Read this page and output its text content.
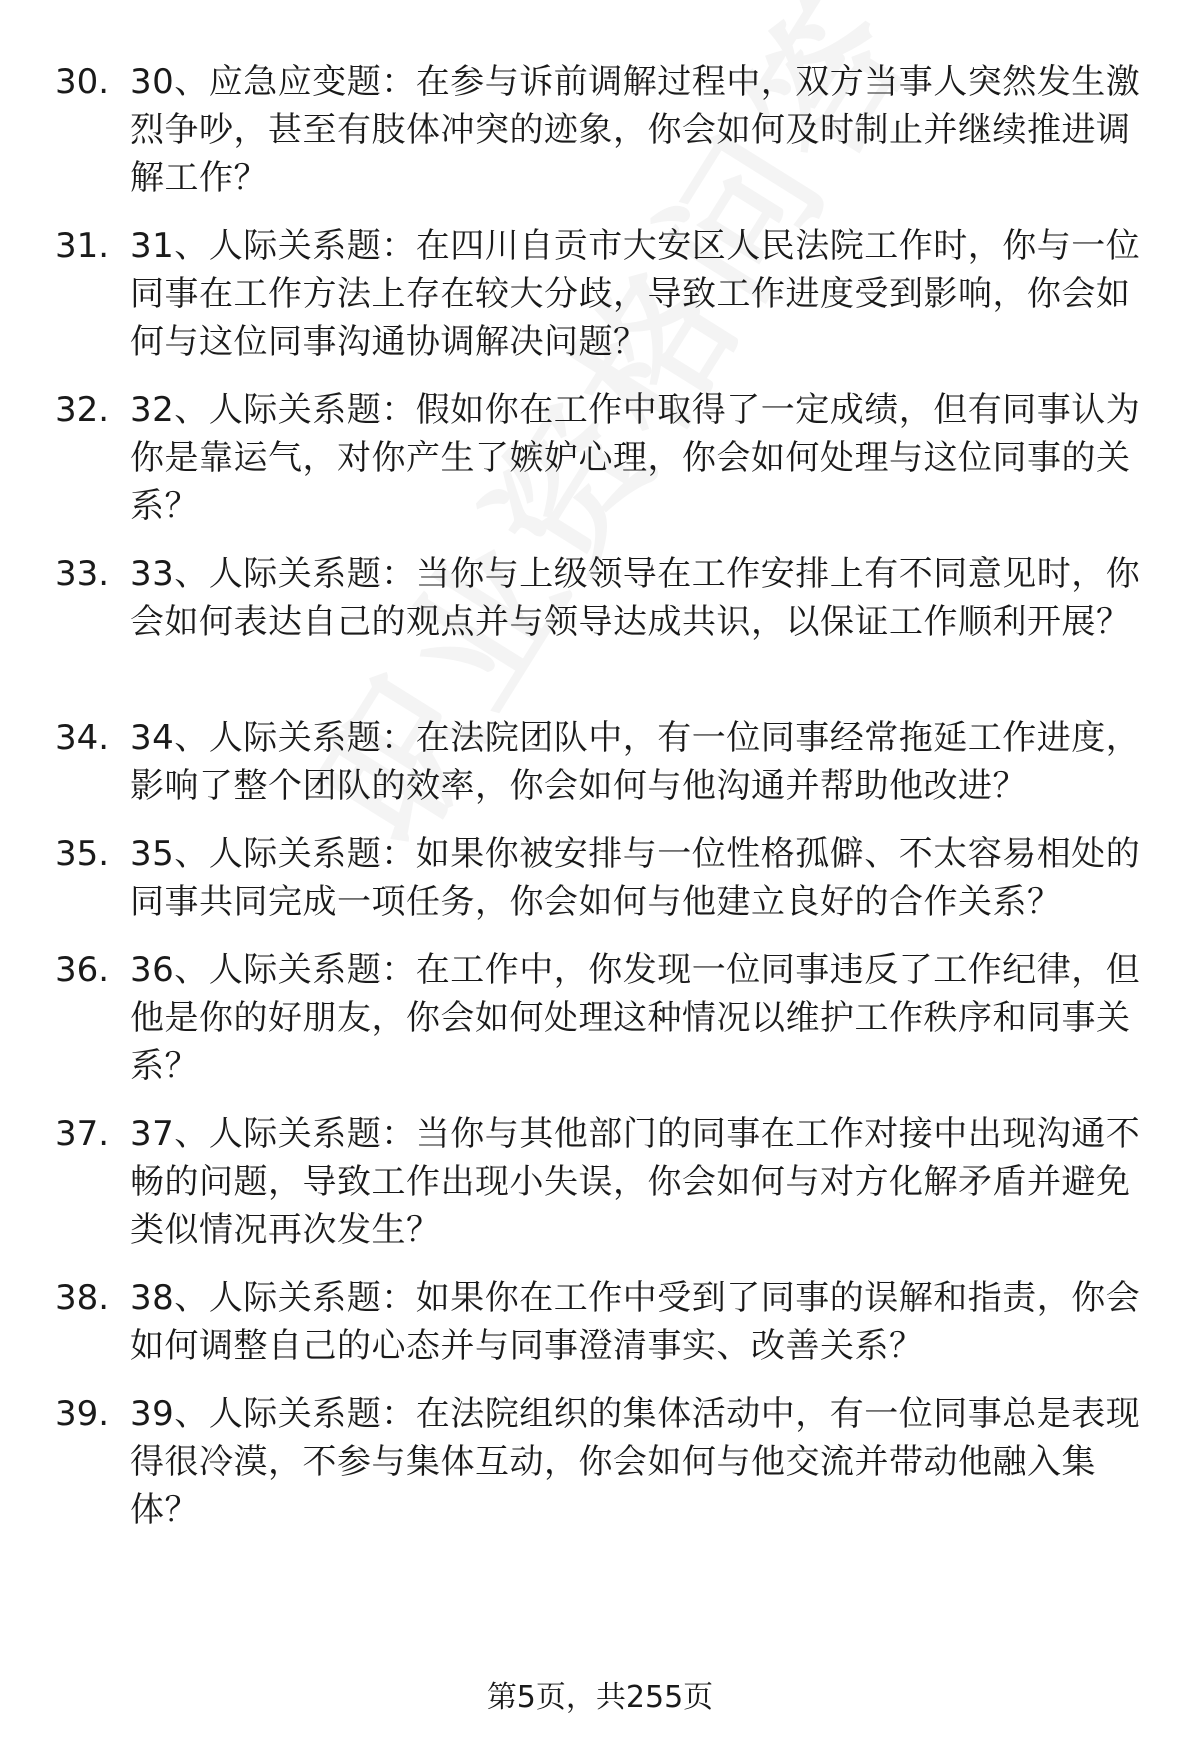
30. 30、应急应变题：在参与诉前调解过程中，双方当事人突然发生激烈争吵，甚至有肢体冲突的迹象，你会如何及时制止并继续推进调解工作？
31. 31、人际关系题：在四川自贡市大安区人民法院工作时，你与一位同事在工作方法上存在较大分歧，导致工作进度受到影响，你会如何与这位同事沟通协调解决问题？
32. 32、人际关系题：假如你在工作中取得了一定成绩，但有同事认为你是靠运气，对你产生了嫉妒心理，你会如何处理与这位同事的关系？
33. 33、人际关系题：当你与上级领导在工作安排上有不同意见时，你会如何表达自己的观点并与领导达成共识，以保证工作顺利开展？
34. 34、人际关系题：在法院团队中，有一位同事经常拖延工作进度，影响了整个团队的效率，你会如何与他沟通并帮助他改进？
35. 35、人际关系题：如果你被安排与一位性格孤僻、不太容易相处的同事共同完成一项任务，你会如何与他建立良好的合作关系？
36. 36、人际关系题：在工作中，你发现一位同事违反了工作纪律，但他是你的好朋友，你会如何处理这种情况以维护工作秩序和同事关系？
37. 37、人际关系题：当你与其他部门的同事在工作对接中出现沟通不畅的问题，导致工作出现小失误，你会如何与对方化解矛盾并避免类似情况再次发生？
38. 38、人际关系题：如果你在工作中受到了同事的误解和指责，你会如何调整自己的心态并与同事澄清事实、改善关系？
39. 39、人际关系题：在法院组织的集体活动中，有一位同事总是表现得很冷漠，不参与集体互动，你会如何与他交流并带动他融入集体？
第5页，共255页
